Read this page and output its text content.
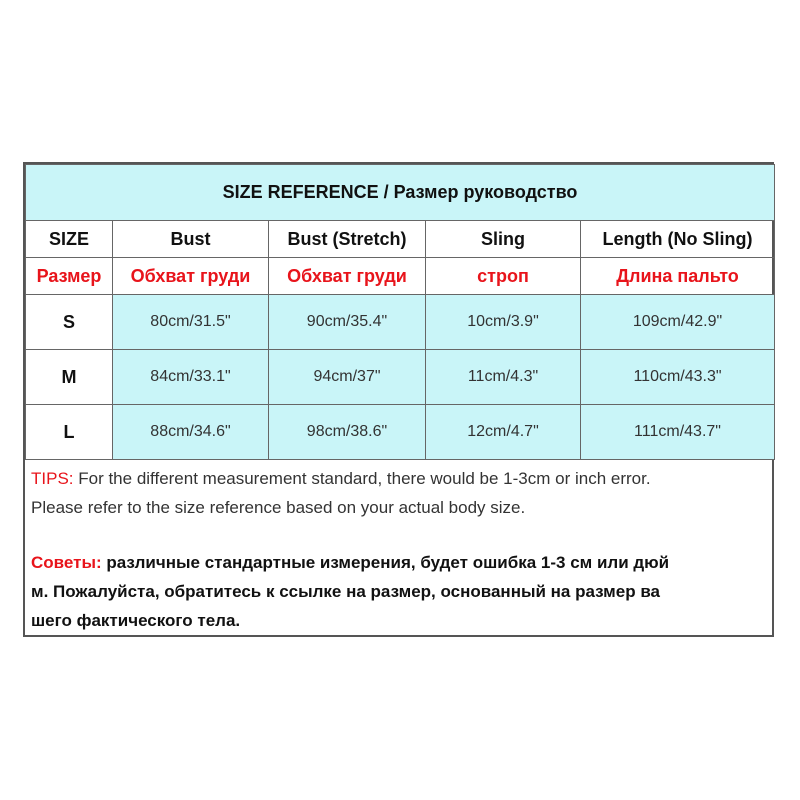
SIZE REFERENCE / Размер руководство				
SIZE	Bust	Bust (Stretch)	Sling	Length (No Sling)
Размер	Обхват груди	Обхват груди	строп	Длина пальто
S	80cm/31.5"	90cm/35.4"	10cm/3.9"	109cm/42.9"
M	84cm/33.1"	94cm/37"	11cm/4.3"	110cm/43.3"
L	88cm/34.6"	98cm/38.6"	12cm/4.7"	111cm/43.7"
TIPS: For the different measurement standard, there would be 1-3cm or inch error.
Please refer to the size reference based on your actual body size.
Советы: различные стандартные измерения, будет ошибка 1-3 см или дюй
м. Пожалуйста, обратитесь к ссылке на размер, основанный на размер ва
шего фактического тела.
